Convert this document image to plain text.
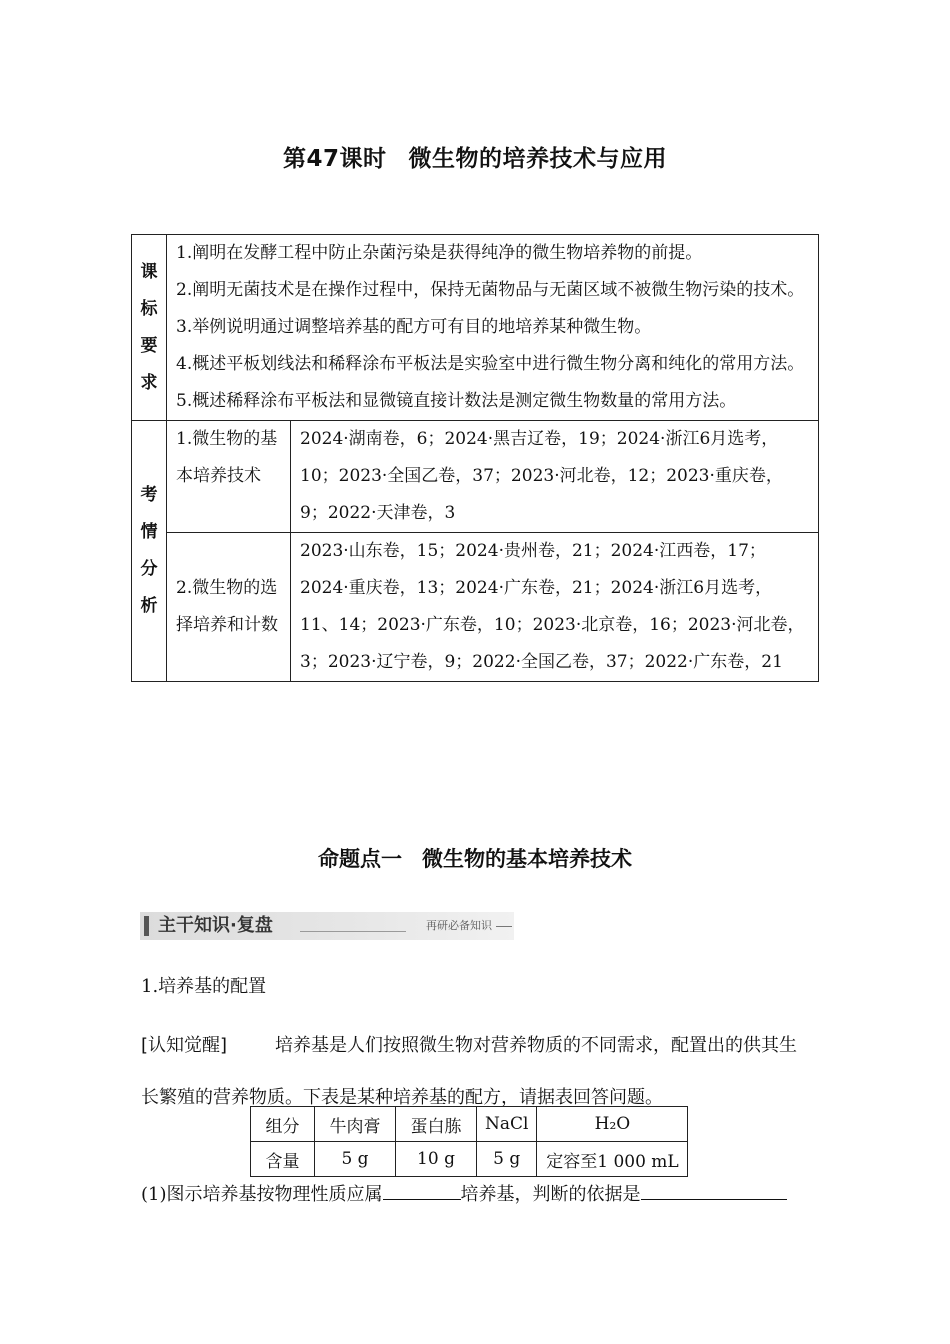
第47课时 微生物的培养技术与应用
课
标
要
求	1.阐明在发酵工程中防止杂菌污染是获得纯净的微生物培养物的前提。
2.阐明无菌技术是在操作过程中，保持无菌物品与无菌区域不被微生物污染的技术。
3.举例说明通过调整培养基的配方可有目的地培养某种微生物。
4.概述平板划线法和稀释涂布平板法是实验室中进行微生物分离和纯化的常用方法。
5.概述稀释涂布平板法和显微镜直接计数法是测定微生物数量的常用方法。	

考
情
分
析	1.微生物的基本培养技术	2024·湖南卷，6；2024·黑吉辽卷，19；2024·浙江6月选考，10；2023·全国乙卷，37；2023·河北卷，12；2023·重庆卷，9；2022·天津卷，3
	2.微生物的选择培养和计数	2023·山东卷，15；2024·贵州卷，21；2024·江西卷，17；2024·重庆卷，13；2024·广东卷，21；2024·浙江6月选考，11、14；2023·广东卷，10；2023·北京卷，16；2023·河北卷，3；2023·辽宁卷，9；2022·全国乙卷，37；2022·广东卷，21
命题点一 微生物的基本培养技术
主干知识·复盘	再研必备知识
1.培养基的配置
[认知觉醒]	培养基是人们按照微生物对营养物质的不同需求，配置出的供其生长繁殖的营养物质。下表是某种培养基的配方，请据表回答问题。
组分	牛肉膏	蛋白胨	NaCl	H₂O
含量	5 g	10 g	5 g	定容至1 000 mL
(1)图示培养基按物理性质应属	培养基，判断的依据是
